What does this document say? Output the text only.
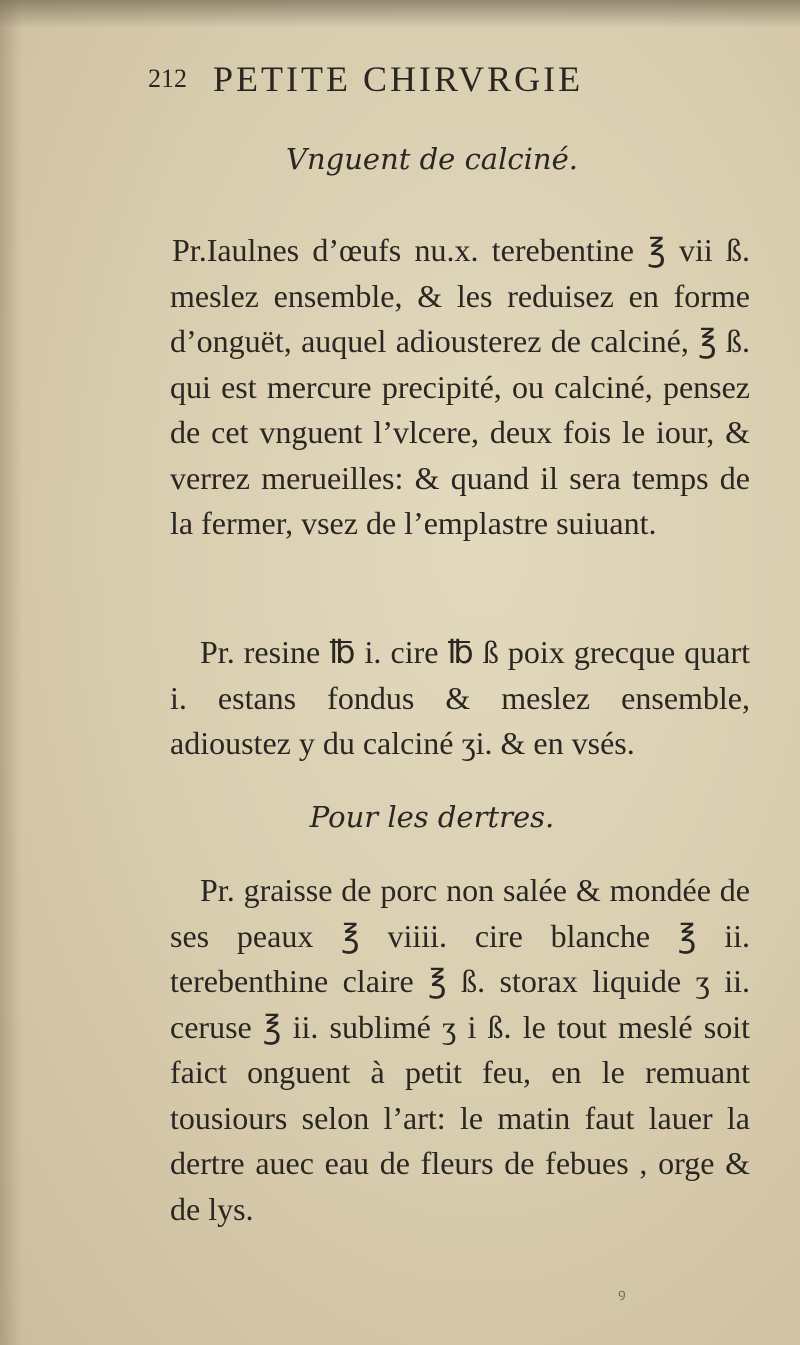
212 PETITE CHIRVRGIE
Vnguent de calciné.

Pr.Iaulnes d’œufs nu.x. terebentine ℥ vii ß. meslez ensemble, & les reduisez en forme d’onguët, auquel adiousterez de calciné, ℥ ß. qui est mercure precipité, ou calciné, pensez de cet vnguent l’vlcere, deux fois le iour, & verrez merueilles: & quand il sera temps de la fermer, vsez de l’emplastre suiuant.

Pr. resine ℔ i. cire ℔ ß poix grecque quart i. estans fondus & meslez ensemble, adioustez y du calciné ʒi. & en vsés.

Pour les dertres.

Pr. graisse de porc non salée & mondée de ses peaux ℥ viiii. cire blanche ℥ ii. terebenthine claire ℥ ß. storax liquide ʒ ii. ceruse ℥ ii. sublimé ʒ i ß. le tout meslé soit faict onguent à petit feu, en le remuant tousiours selon l’art: le matin faut lauer la dertre auec eau de fleurs de febues , orge & de lys.

ꝰ
